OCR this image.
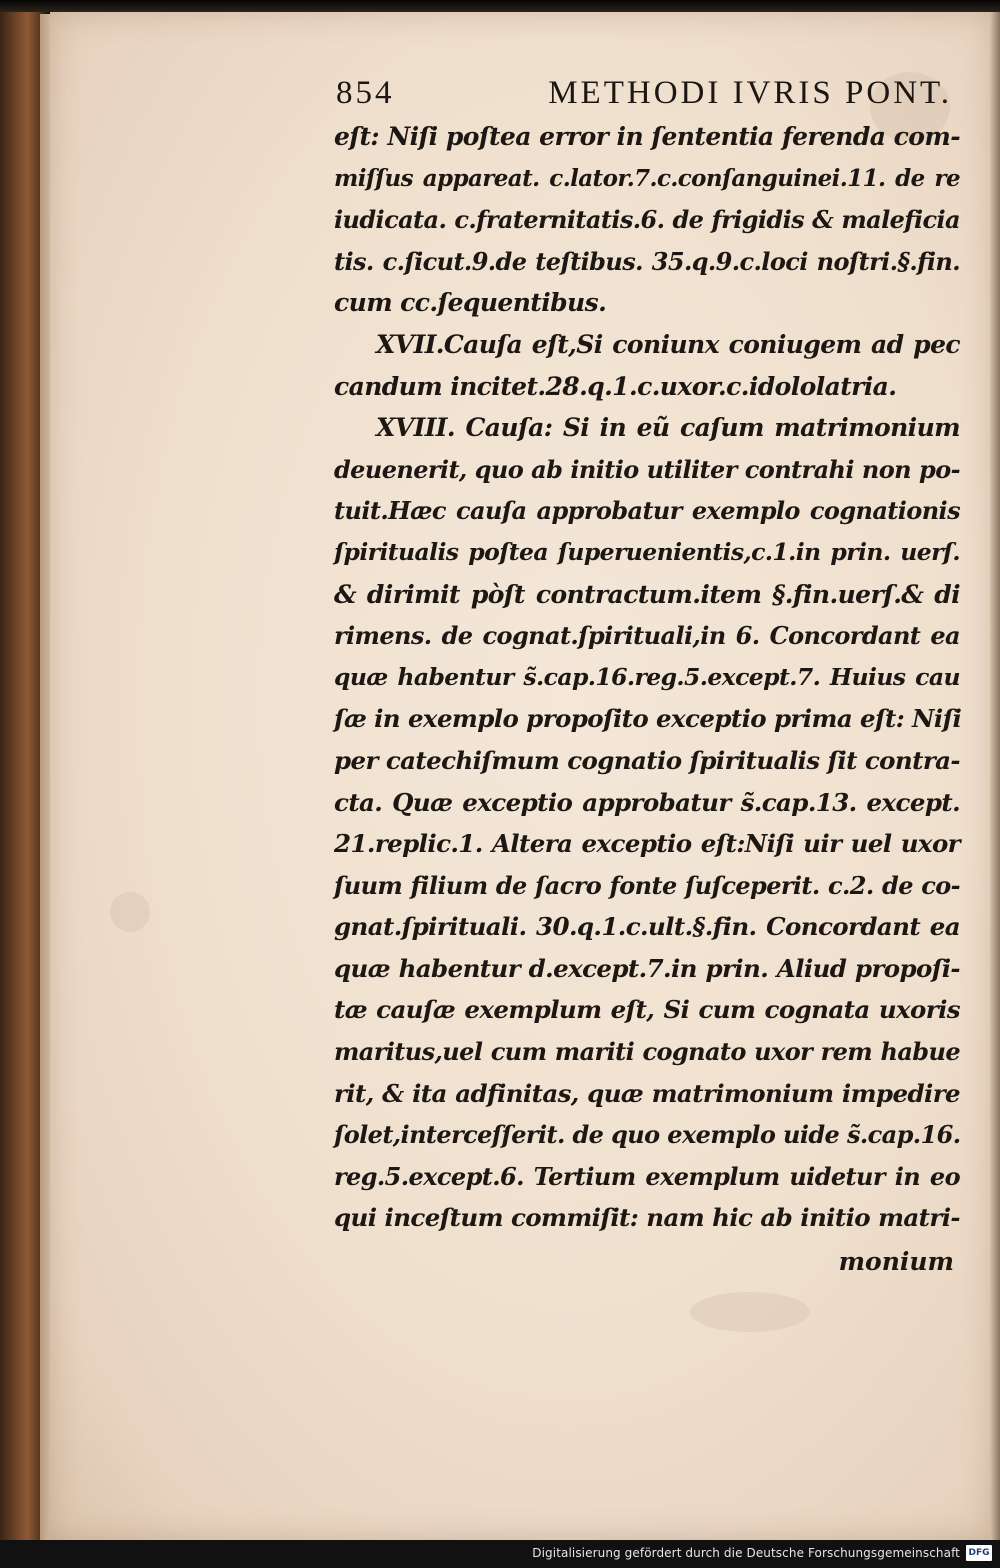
854	METHODI IVRIS PONT.
eſt: Niſi poſtea error in ſententia ferenda com-
miſſus appareat. c.lator.7.c.conſanguinei.11. de re
iudicata. c.fraternitatis.6. de frigidis & maleficia
tis. c.ſicut.9.de teſtibus. 35.q.9.c.loci noſtri.§.fin.
cum cc.ſequentibus.
XVII.Cauſa eſt,Si coniunx coniugem ad pec
candum incitet.28.q.1.c.uxor.c.idololatria.
XVIII. Cauſa: Si in eũ caſum matrimonium
deuenerit, quo ab initio utiliter contrahi non po-
tuit.Hæc cauſa approbatur exemplo cognationis
ſpiritualis poſtea ſuperuenientis,c.1.in prin. uerſ.
& dirimit pòſt contractum.item §.fin.uerſ.& di
rimens. de cognat.ſpirituali,in 6. Concordant ea
quæ habentur s̃.cap.16.reg.5.except.7. Huius cau
ſæ in exemplo propoſito exceptio prima eſt: Niſi
per catechiſmum cognatio ſpiritualis ſit contra-
cta. Quæ exceptio approbatur s̃.cap.13. except.
21.replic.1. Altera exceptio eſt:Niſi uir uel uxor
ſuum filium de ſacro fonte ſuſceperit. c.2. de co-
gnat.ſpirituali. 30.q.1.c.ult.§.fin. Concordant ea
quæ habentur d.except.7.in prin. Aliud propoſi-
tæ cauſæ exemplum eſt, Si cum cognata uxoris
maritus,uel cum mariti cognato uxor rem habue
rit, & ita adfinitas, quæ matrimonium impedire
ſolet,interceſſerit. de quo exemplo uide s̃.cap.16.
reg.5.except.6. Tertium exemplum uidetur in eo
qui inceſtum commiſit: nam hic ab initio matri-
monium
Digitalisierung gefördert durch die Deutsche Forschungsgemeinschaft DFG
